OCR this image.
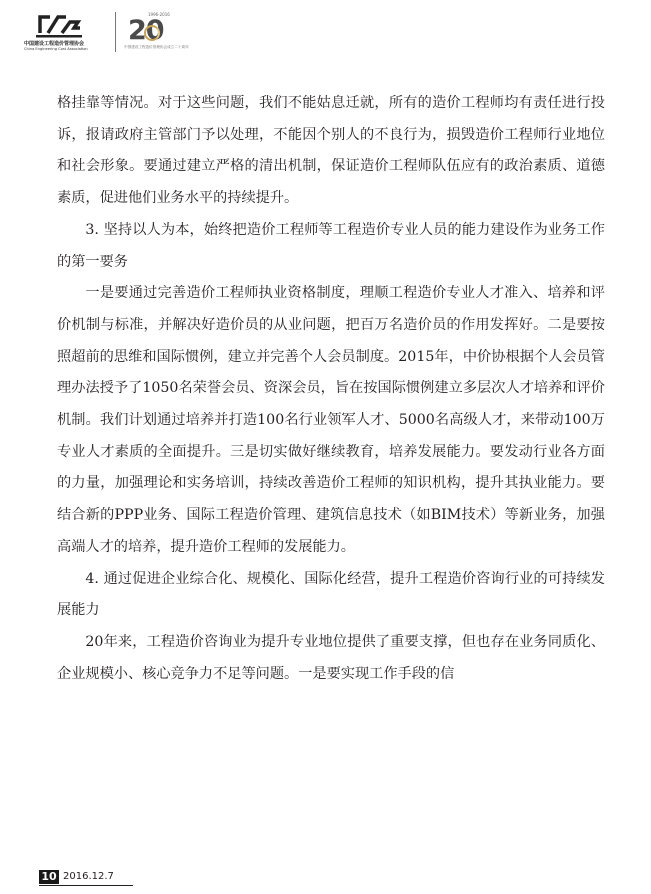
中国建设工程造价管理协会
China Engineering Cost Association
1996-2016
20
中国建设工程造价管理协会成立二十周年

格挂靠等情况。对于这些问题，我们不能姑息迁就，所有的造价工程师均有责任进行投诉，报请政府主管部门予以处理，不能因个别人的不良行为，损毁造价工程师行业地位和社会形象。要通过建立严格的清出机制，保证造价工程师队伍应有的政治素质、道德素质，促进他们业务水平的持续提升。

3. 坚持以人为本，始终把造价工程师等工程造价专业人员的能力建设作为业务工作的第一要务

一是要通过完善造价工程师执业资格制度，理顺工程造价专业人才准入、培养和评价机制与标准，并解决好造价员的从业问题，把百万名造价员的作用发挥好。二是要按照超前的思维和国际惯例，建立并完善个人会员制度。2015年，中价协根据个人会员管理办法授予了1050名荣誉会员、资深会员，旨在按国际惯例建立多层次人才培养和评价机制。我们计划通过培养并打造100名行业领军人才、5000名高级人才，来带动100万专业人才素质的全面提升。三是切实做好继续教育，培养发展能力。要发动行业各方面的力量，加强理论和实务培训，持续改善造价工程师的知识机构，提升其执业能力。要结合新的PPP业务、国际工程造价管理、建筑信息技术（如BIM技术）等新业务，加强高端人才的培养，提升造价工程师的发展能力。

4. 通过促进企业综合化、规模化、国际化经营，提升工程造价咨询行业的可持续发展能力

20年来，工程造价咨询业为提升专业地位提供了重要支撑，但也存在业务同质化、企业规模小、核心竞争力不足等问题。一是要实现工作手段的信

10 2016.12.7
